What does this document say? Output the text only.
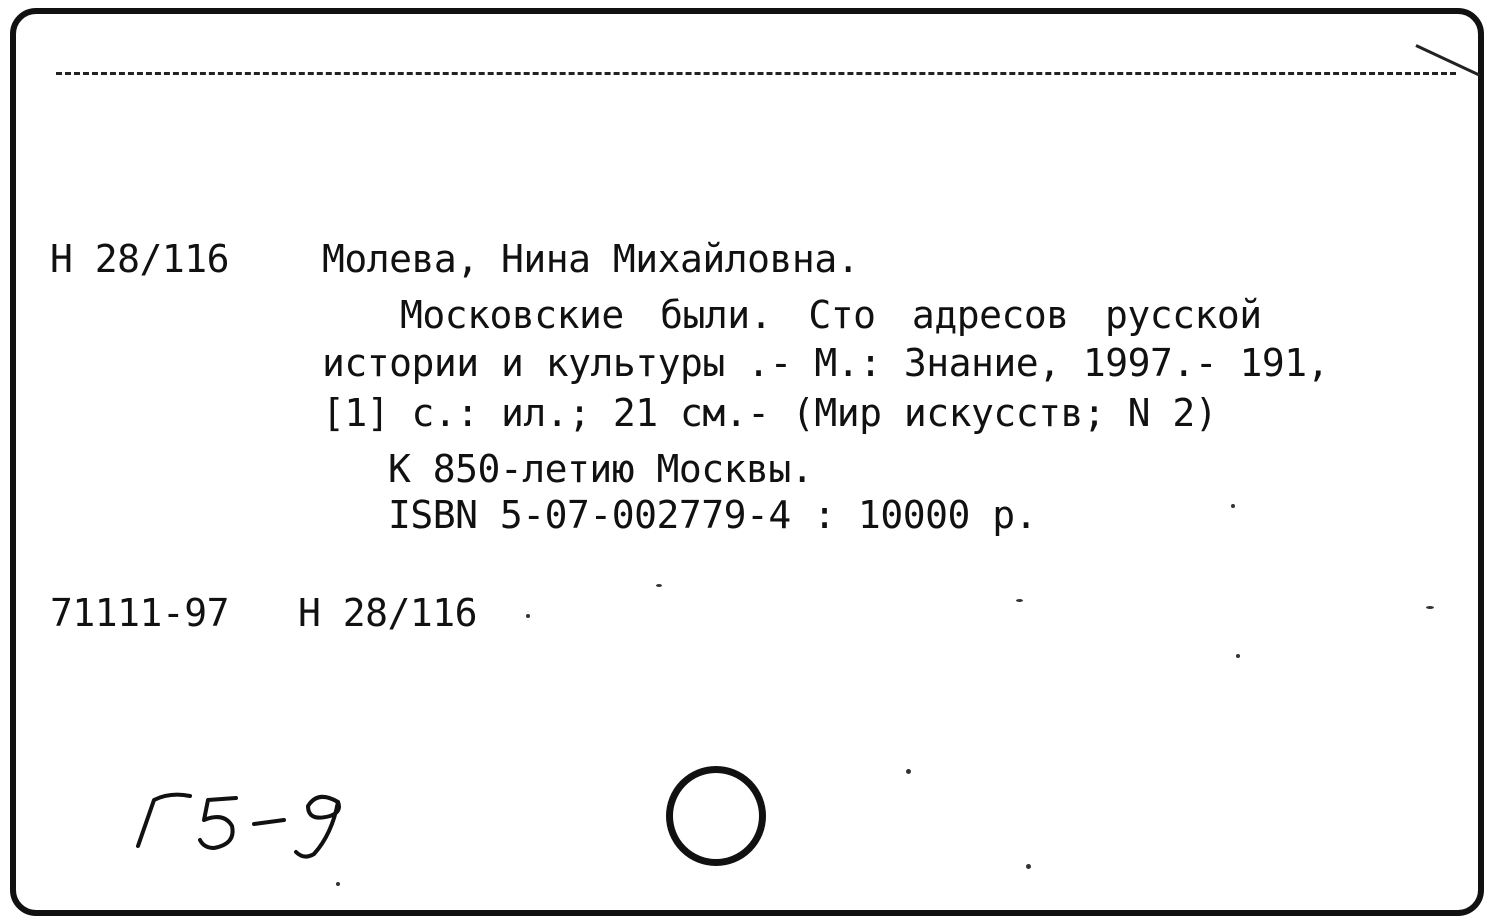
Н 28/116 Молева, Нина Михайловна.
Московские были. Сто адресов русской
истории и культуры .- М.: Знание, 1997.- 191,
[1] с.: ил.; 21 см.- (Мир искусств; N 2)
К 850-летию Москвы.
ISBN 5-07-002779-4 : 10000 р.
71111-97 Н 28/116
